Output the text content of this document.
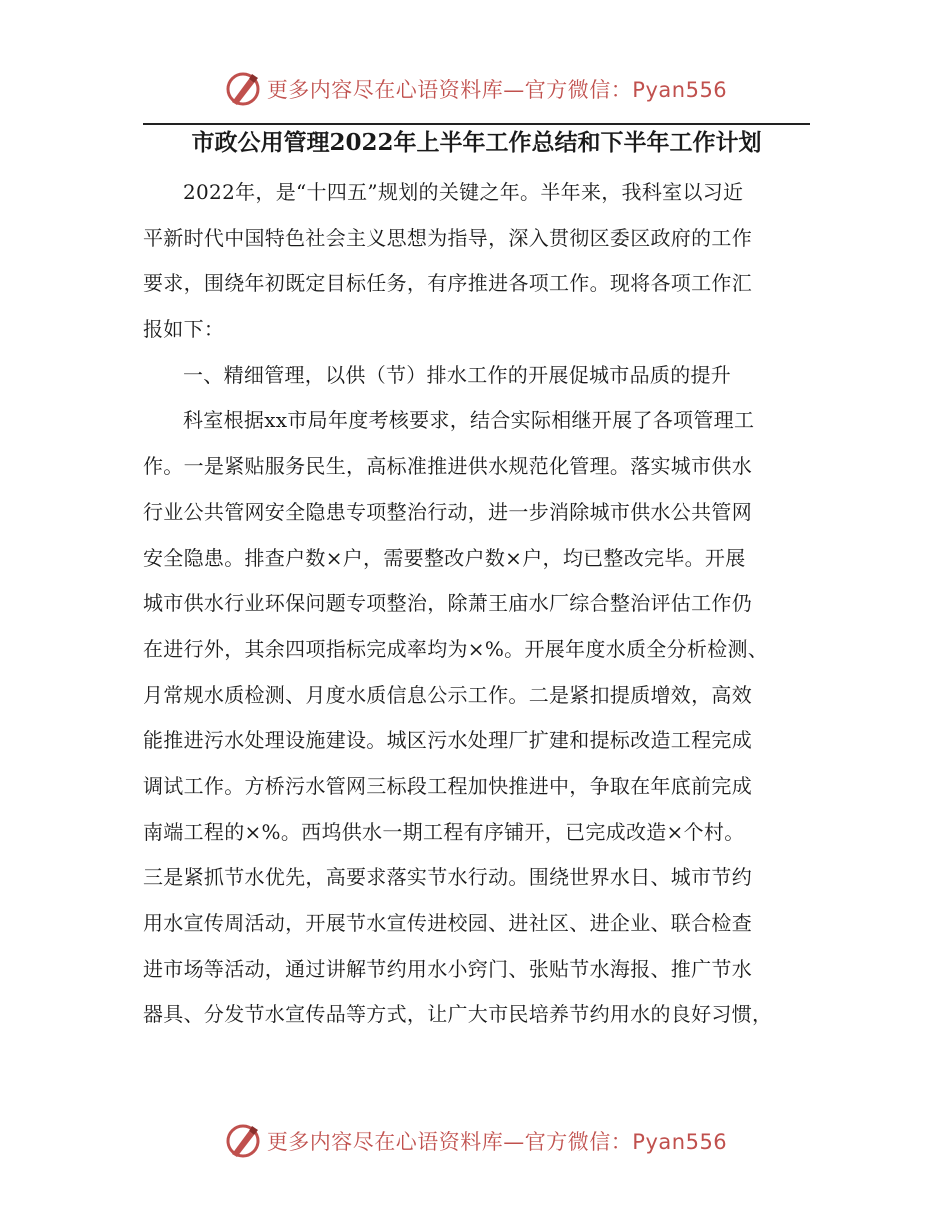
更多内容尽在心语资料库—官方微信：Pyan556
市政公用管理2022年上半年工作总结和下半年工作计划
2022年，是“十四五”规划的关键之年。半年来，我科室以习近
平新时代中国特色社会主义思想为指导，深入贯彻区委区政府的工作
要求，围绕年初既定目标任务，有序推进各项工作。现将各项工作汇
报如下：
一、精细管理，以供（节）排水工作的开展促城市品质的提升
科室根据xx市局年度考核要求，结合实际相继开展了各项管理工
作。一是紧贴服务民生，高标准推进供水规范化管理。落实城市供水
行业公共管网安全隐患专项整治行动，进一步消除城市供水公共管网
安全隐患。排查户数×户，需要整改户数×户，均已整改完毕。开展
城市供水行业环保问题专项整治，除萧王庙水厂综合整治评估工作仍
在进行外，其余四项指标完成率均为×%。开展年度水质全分析检测、
月常规水质检测、月度水质信息公示工作。二是紧扣提质增效，高效
能推进污水处理设施建设。城区污水处理厂扩建和提标改造工程完成
调试工作。方桥污水管网三标段工程加快推进中，争取在年底前完成
南端工程的×%。西坞供水一期工程有序铺开，已完成改造×个村。
三是紧抓节水优先，高要求落实节水行动。围绕世界水日、城市节约
用水宣传周活动，开展节水宣传进校园、进社区、进企业、联合检查
进市场等活动，通过讲解节约用水小窍门、张贴节水海报、推广节水
器具、分发节水宣传品等方式，让广大市民培养节约用水的良好习惯，
更多内容尽在心语资料库—官方微信：Pyan556
